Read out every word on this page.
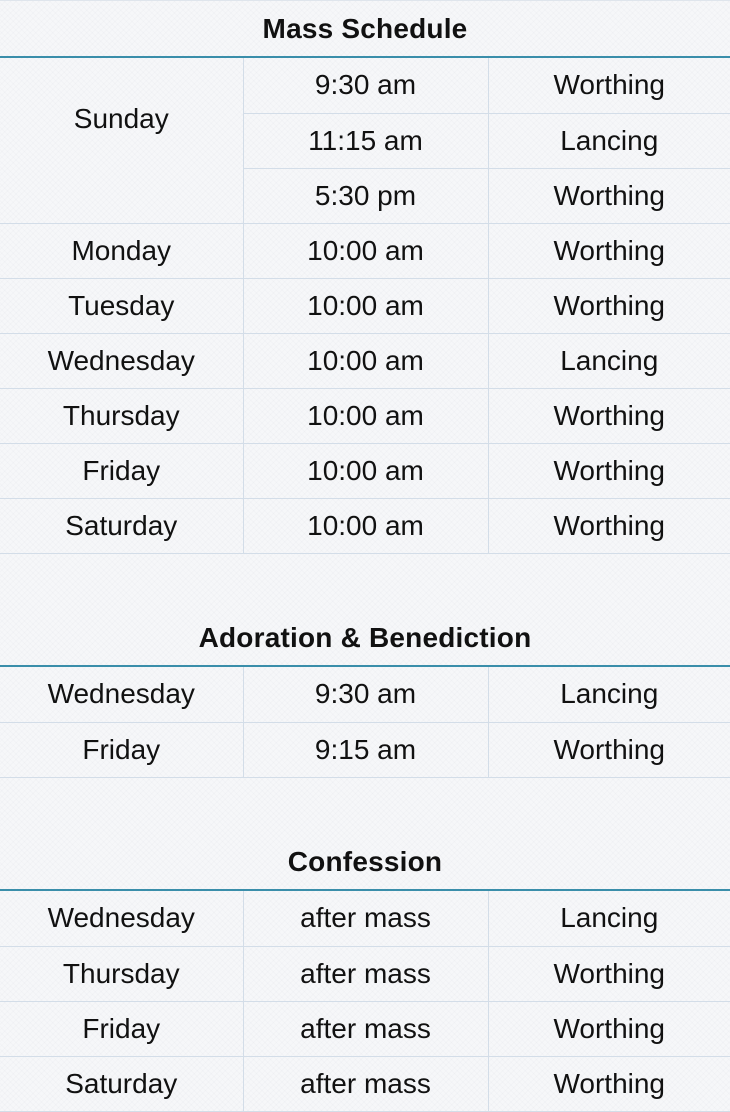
Mass Schedule
Sunday	9:30 am	Worthing
	11:15 am	Lancing
	5:30 pm	Worthing
Monday	10:00 am	Worthing
Tuesday	10:00 am	Worthing
Wednesday	10:00 am	Lancing
Thursday	10:00 am	Worthing
Friday	10:00 am	Worthing
Saturday	10:00 am	Worthing
Adoration & Benediction
Wednesday	9:30 am	Lancing
Friday	9:15 am	Worthing
Confession
Wednesday	after mass	Lancing
Thursday	after mass	Worthing
Friday	after mass	Worthing
Saturday	after mass	Worthing
